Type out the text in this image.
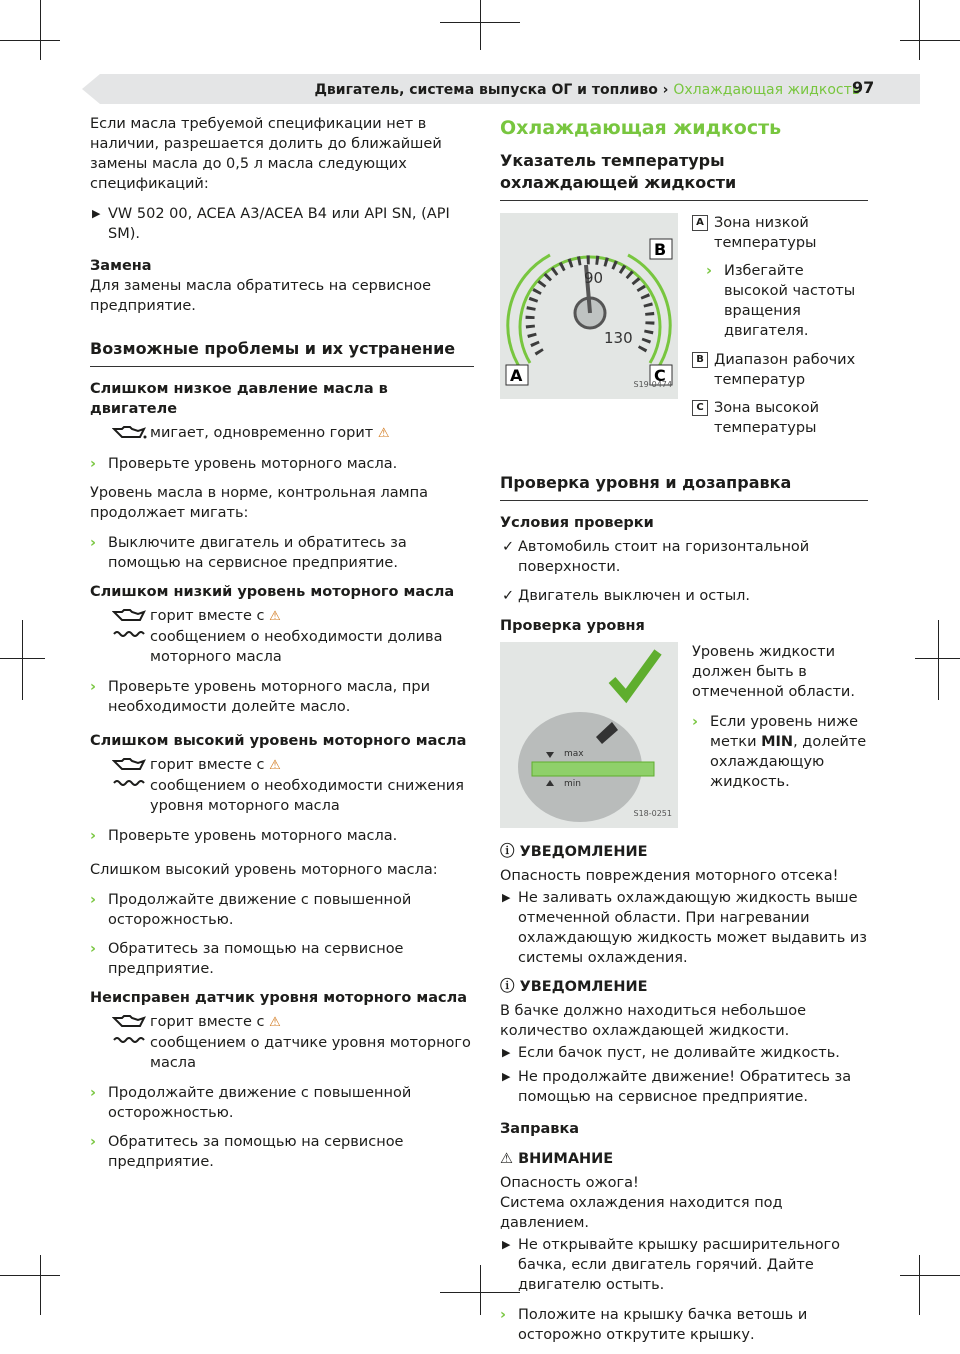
Двигатель, система выпуска ОГ и топливо › Охлаждающая жидкость
97

Если масла требуемой спецификации нет в наличии, разрешается долить до ближайшей замены масла до 0,5 л масла следующих спецификаций:

▶ VW 502 00, ACEA A3/ACEA B4 или API SN, (API SM).
Замена

Для замены масла обратитесь на сервисное предприятие.

Возможные проблемы и их устранение
Слишком низкое давление масла в двигателе
мигает, одновременно горит ⚠
› Проверьте уровень моторного масла.

Уровень масла в норме, контрольная лампа продолжает мигать:

› Выключите двигатель и обратитесь за помощью на сервисное предприятие.
Слишком низкий уровень моторного масла
горит вместе с ⚠
сообщением о необходимости долива моторного масла
› Проверьте уровень моторного масла, при необходимости долейте масло.
Слишком высокий уровень моторного масла
горит вместе с ⚠
сообщением о необходимости снижения уровня моторного масла
› Проверьте уровень моторного масла.

Слишком высокий уровень моторного масла:

› Продолжайте движение с повышенной осторожностью.
› Обратитесь за помощью на сервисное предприятие.
Неисправен датчик уровня моторного масла
горит вместе с ⚠
сообщением о датчике уровня моторного масла
› Продолжайте движение с повышенной осторожностью.
› Обратитесь за помощью на сервисное предприятие.
Охлаждающая жидкость
Указатель температуры охлаждающей жидкости
90
130
B
A	C
S19-0474
A Зона низкой температуры
› Избегайте высокой частоты вращения двигателя.
B Диапазон рабочих температур
C Зона высокой температуры
Проверка уровня и дозаправка
Условия проверки
✓ Автомобиль стоит на горизонтальной поверхности.
✓ Двигатель выключен и остыл.
Проверка уровня
max
min
S18-0251

Уровень жидкости должен быть в отмеченной области.

› Если уровень ниже метки MIN, долейте охлаждающую жидкость.
ⓘ УВЕДОМЛЕНИЕ

Опасность повреждения моторного отсека!

▶ Не заливать охлаждающую жидкость выше отмеченной области. При нагревании охлаждающую жидкость может выдавить из системы охлаждения.
ⓘ УВЕДОМЛЕНИЕ

В бачке должно находиться небольшое количество охлаждающей жидкости.

▶ Если бачок пуст, не доливайте жидкость.
▶ Не продолжайте движение! Обратитесь за помощью на сервисное предприятие.
Заправка
⚠ ВНИМАНИЕ
Опасность ожога!
Система охлаждения находится под давлением.
▶ Не открывайте крышку расширительного бачка, если двигатель горячий. Дайте двигателю остыть.
› Положите на крышку бачка ветошь и осторожно открутите крышку.
